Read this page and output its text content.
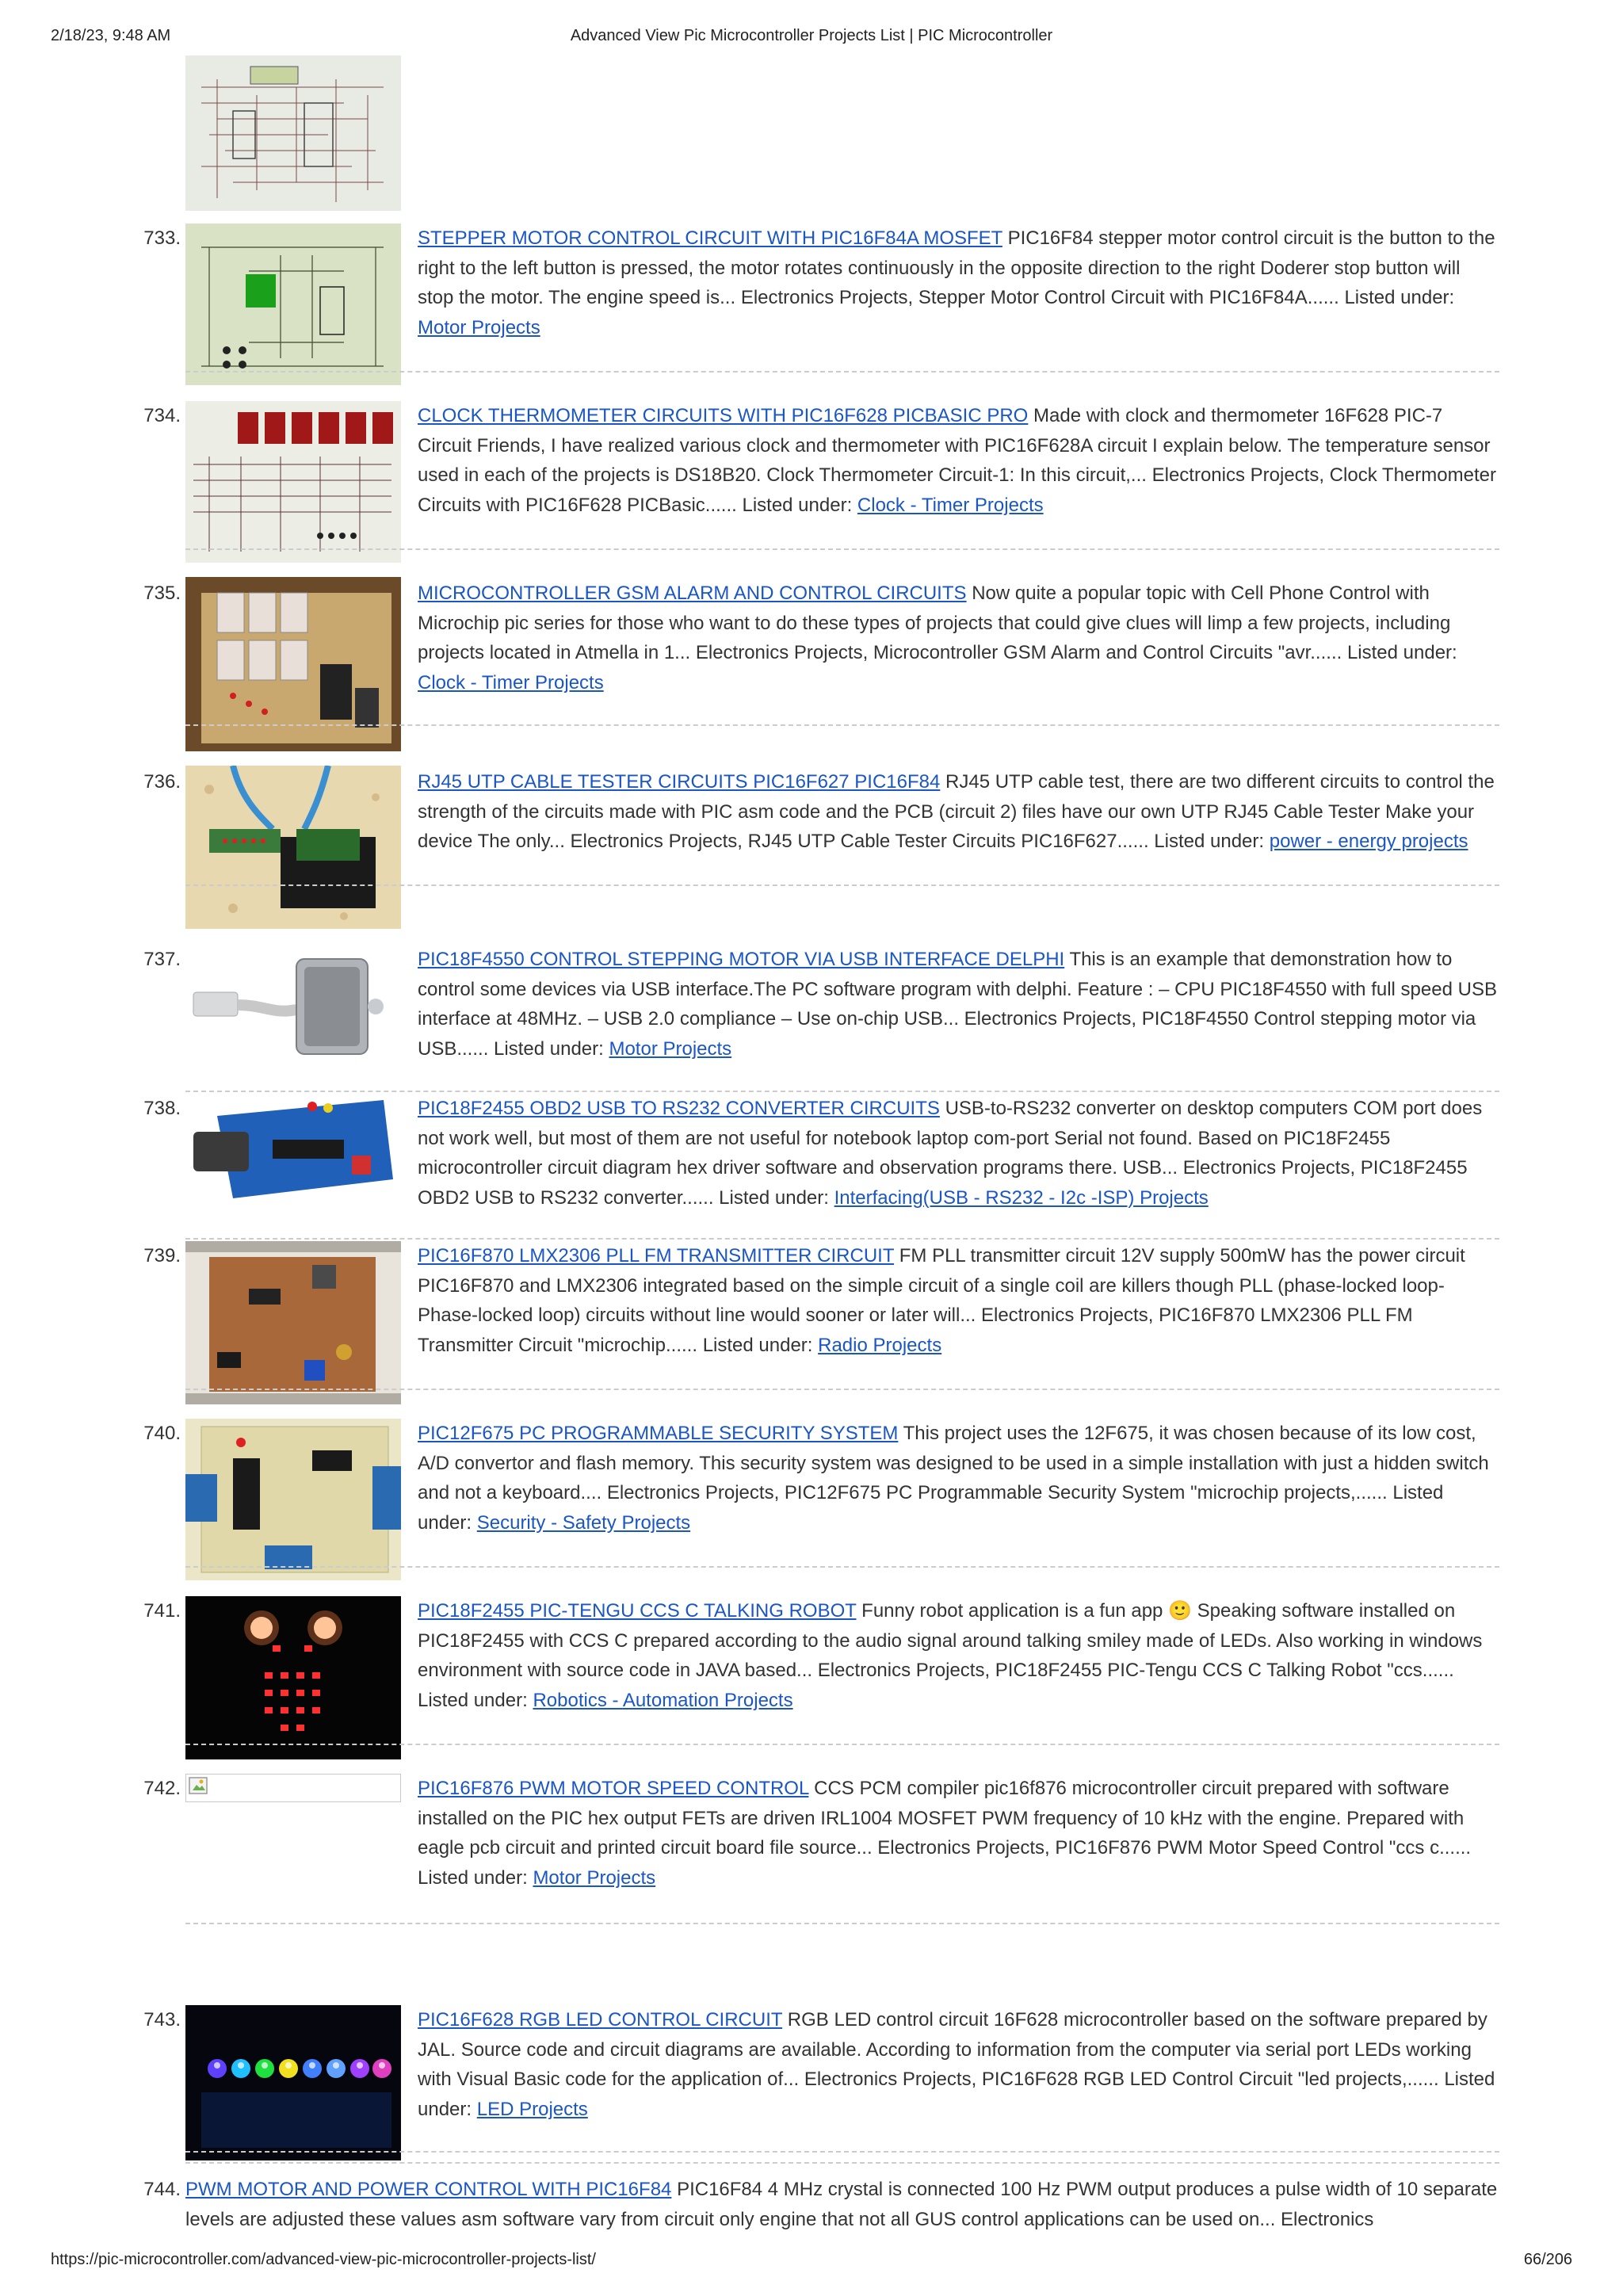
2/18/23, 9:48 AM	Advanced View Pic Microcontroller Projects List | PIC Microcontroller
733.	STEPPER MOTOR CONTROL CIRCUIT WITH PIC16F84A MOSFET PIC16F84 stepper motor control circuit is the button to the right to the left button is pressed, the motor rotates continuously in the opposite direction to the right Doderer stop button will stop the motor. The engine speed is... Electronics Projects, Stepper Motor Control Circuit with PIC16F84A...... Listed under: Motor Projects
734.	CLOCK THERMOMETER CIRCUITS WITH PIC16F628 PICBASIC PRO Made with clock and thermometer 16F628 PIC-7 Circuit Friends, I have realized various clock and thermometer with PIC16F628A circuit I explain below. The temperature sensor used in each of the projects is DS18B20. Clock Thermometer Circuit-1: In this circuit,... Electronics Projects, Clock Thermometer Circuits with PIC16F628 PICBasic...... Listed under: Clock - Timer Projects
735.	MICROCONTROLLER GSM ALARM AND CONTROL CIRCUITS Now quite a popular topic with Cell Phone Control with Microchip pic series for those who want to do these types of projects that could give clues will limp a few projects, including projects located in Atmella in 1... Electronics Projects, Microcontroller GSM Alarm and Control Circuits "avr...... Listed under: Clock - Timer Projects
736.	RJ45 UTP CABLE TESTER CIRCUITS PIC16F627 PIC16F84 RJ45 UTP cable test, there are two different circuits to control the strength of the circuits made with PIC asm code and the PCB (circuit 2) files have our own UTP RJ45 Cable Tester Make your device The only... Electronics Projects, RJ45 UTP Cable Tester Circuits PIC16F627...... Listed under: power - energy projects
737.	PIC18F4550 CONTROL STEPPING MOTOR VIA USB INTERFACE DELPHI This is an example that demonstration how to control some devices via USB interface.The PC software program with delphi. Feature : – CPU PIC18F4550 with full speed USB interface at 48MHz. – USB 2.0 compliance – Use on-chip USB... Electronics Projects, PIC18F4550 Control stepping motor via USB...... Listed under: Motor Projects
738.	PIC18F2455 OBD2 USB TO RS232 CONVERTER CIRCUITS USB-to-RS232 converter on desktop computers COM port does not work well, but most of them are not useful for notebook laptop com-port Serial not found. Based on PIC18F2455 microcontroller circuit diagram hex driver software and observation programs there. USB... Electronics Projects, PIC18F2455 OBD2 USB to RS232 converter...... Listed under: Interfacing(USB - RS232 - I2c -ISP) Projects
739.	PIC16F870 LMX2306 PLL FM TRANSMITTER CIRCUIT FM PLL transmitter circuit 12V supply 500mW has the power circuit PIC16F870 and LMX2306 integrated based on the simple circuit of a single coil are killers though PLL (phase-locked loop-Phase-locked loop) circuits without line would sooner or later will... Electronics Projects, PIC16F870 LMX2306 PLL FM Transmitter Circuit "microchip...... Listed under: Radio Projects
740.	PIC12F675 PC PROGRAMMABLE SECURITY SYSTEM This project uses the 12F675, it was chosen because of its low cost, A/D convertor and flash memory. This security system was designed to be used in a simple installation with just a hidden switch and not a keyboard.... Electronics Projects, PIC12F675 PC Programmable Security System "microchip projects,...... Listed under: Security - Safety Projects
741.	PIC18F2455 PIC-TENGU CCS C TALKING ROBOT Funny robot application is a fun app 🙂 Speaking software installed on PIC18F2455 with CCS C prepared according to the audio signal around talking smiley made of LEDs. Also working in windows environment with source code in JAVA based... Electronics Projects, PIC18F2455 PIC-Tengu CCS C Talking Robot "ccs...... Listed under: Robotics - Automation Projects
742.	PIC16F876 PWM MOTOR SPEED CONTROL CCS PCM compiler pic16f876 microcontroller circuit prepared with software installed on the PIC hex output FETs are driven IRL1004 MOSFET PWM frequency of 10 kHz with the engine. Prepared with eagle pcb circuit and printed circuit board file source... Electronics Projects, PIC16F876 PWM Motor Speed Control "ccs c...... Listed under: Motor Projects
743.	PIC16F628 RGB LED CONTROL CIRCUIT RGB LED control circuit 16F628 microcontroller based on the software prepared by JAL. Source code and circuit diagrams are available. According to information from the computer via serial port LEDs working with Visual Basic code for the application of... Electronics Projects, PIC16F628 RGB LED Control Circuit "led projects,...... Listed under: LED Projects
744. PWM MOTOR AND POWER CONTROL WITH PIC16F84 PIC16F84 4 MHz crystal is connected 100 Hz PWM output produces a pulse width of 10 separate levels are adjusted these values asm software vary from circuit only engine that not all GUS control applications can be used on... Electronics
https://pic-microcontroller.com/advanced-view-pic-microcontroller-projects-list/	66/206
